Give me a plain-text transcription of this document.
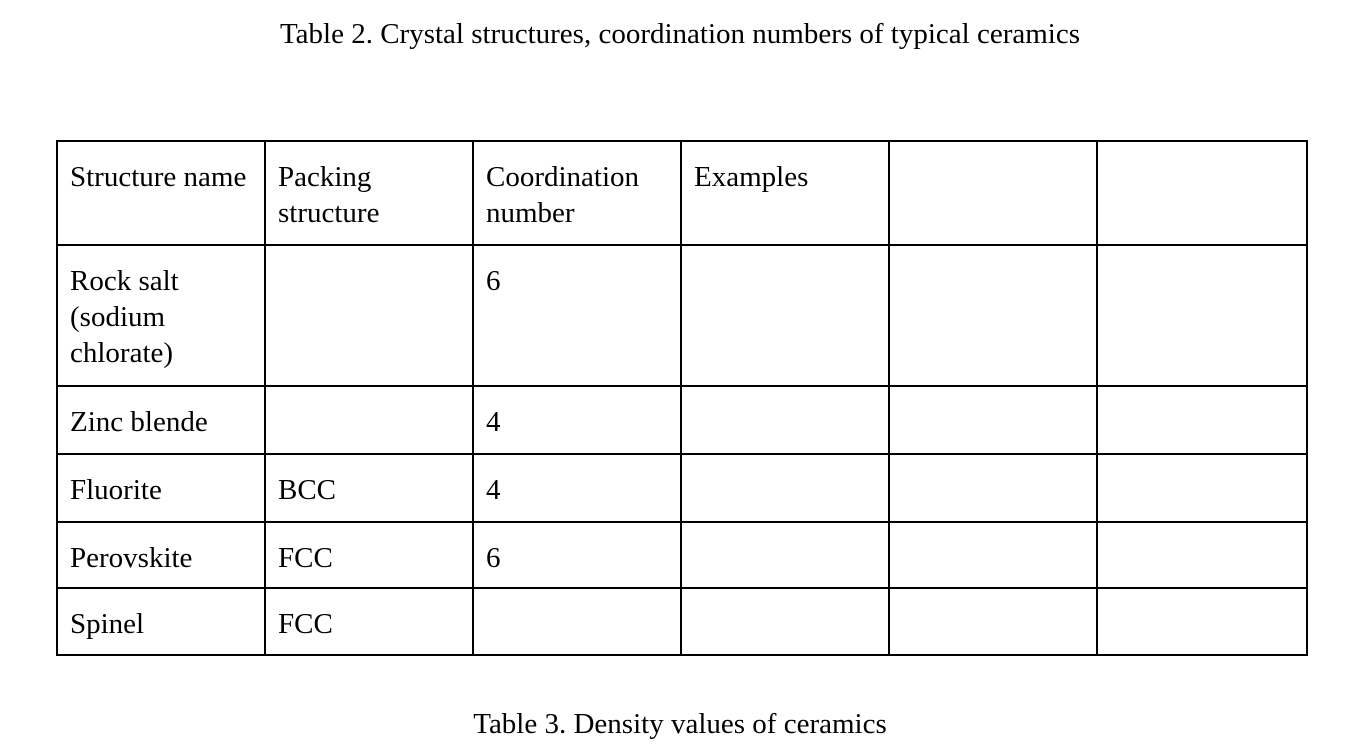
Table 2. Crystal structures, coordination numbers of typical ceramics
Structure name	Packing structure	Coordination number	Examples		
Rock salt (sodium chlorate)		6			
Zinc blende		4			
Fluorite	BCC	4			
Perovskite	FCC	6			
Spinel	FCC				
Table 3. Density values of ceramics
